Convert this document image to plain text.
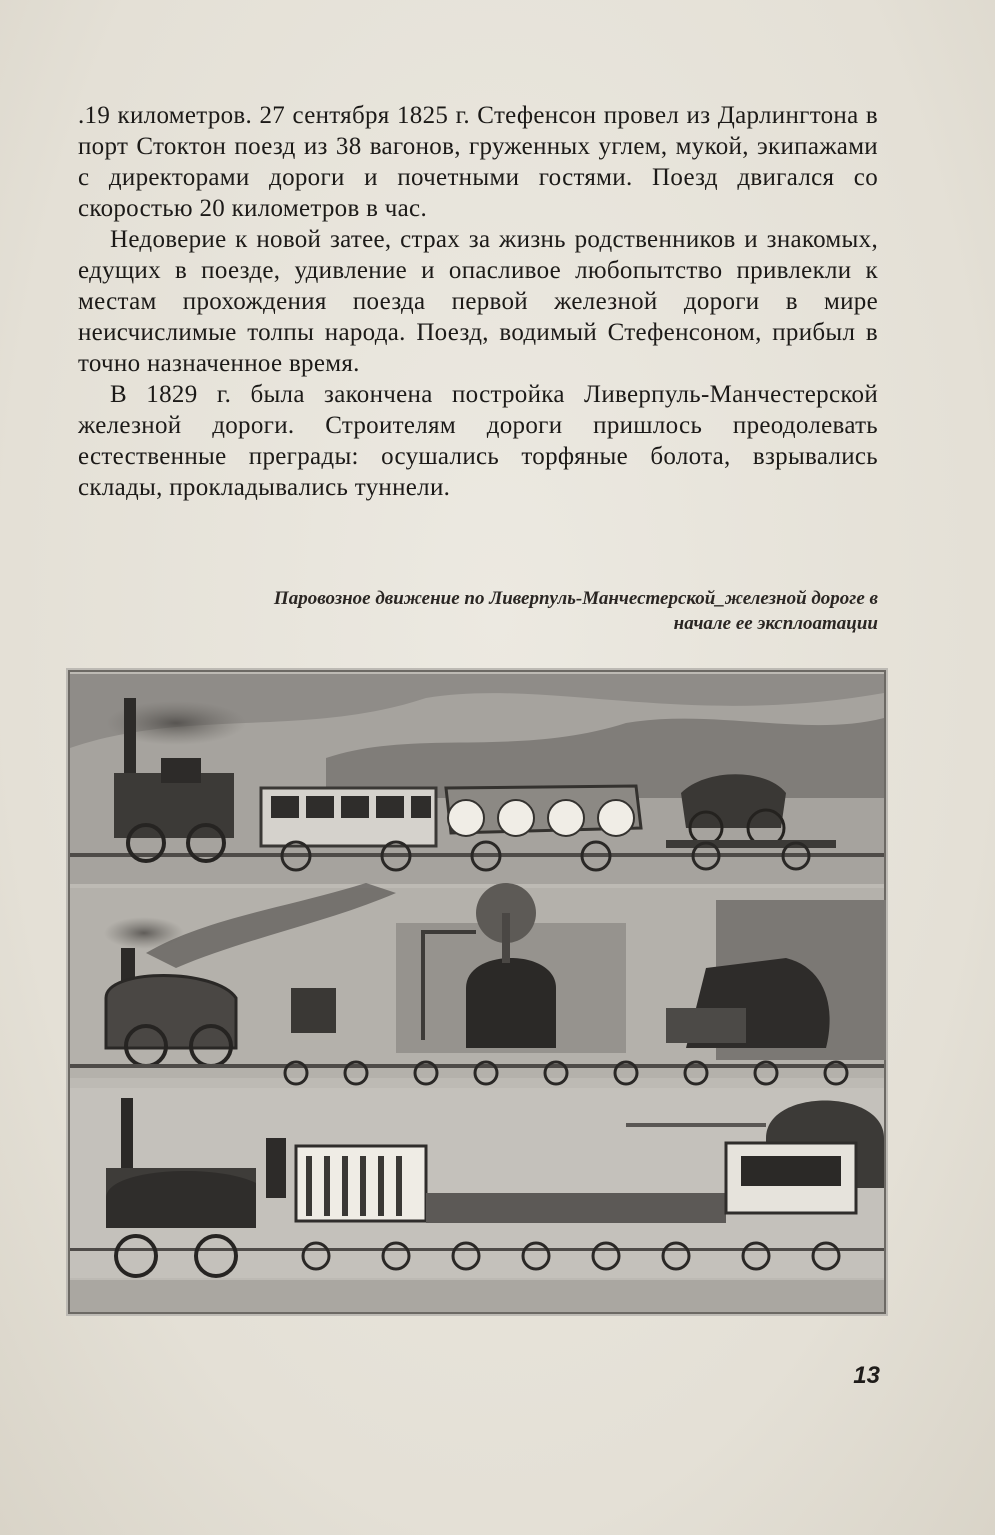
.19 километров. 27 сентября 1825 г. Стефенсон провел из Дарлингтона в порт Стоктон поезд из 38 вагонов, груженных углем, мукой, экипажами с директорами дороги и почетными гостями. Поезд двигался со скоростью 20 километров в час.

Недоверие к новой затее, страх за жизнь родственников и знакомых, едущих в поезде, удивление и опасливое любопытство привлекли к местам прохождения поезда первой железной дороги в мире неисчислимые толпы народа. Поезд, водимый Стефенсоном, прибыл в точно назначенное время.

В 1829 г. была закончена постройка Ливерпуль-Манчестерской железной дороги. Строителям дороги пришлось преодолевать естественные преграды: осушались торфяные болота, взрывались склады, прокладывались туннели.

Паровозное движение по Ливерпуль-Манчестерской_железной дороге в начале ее эксплоатации
13
